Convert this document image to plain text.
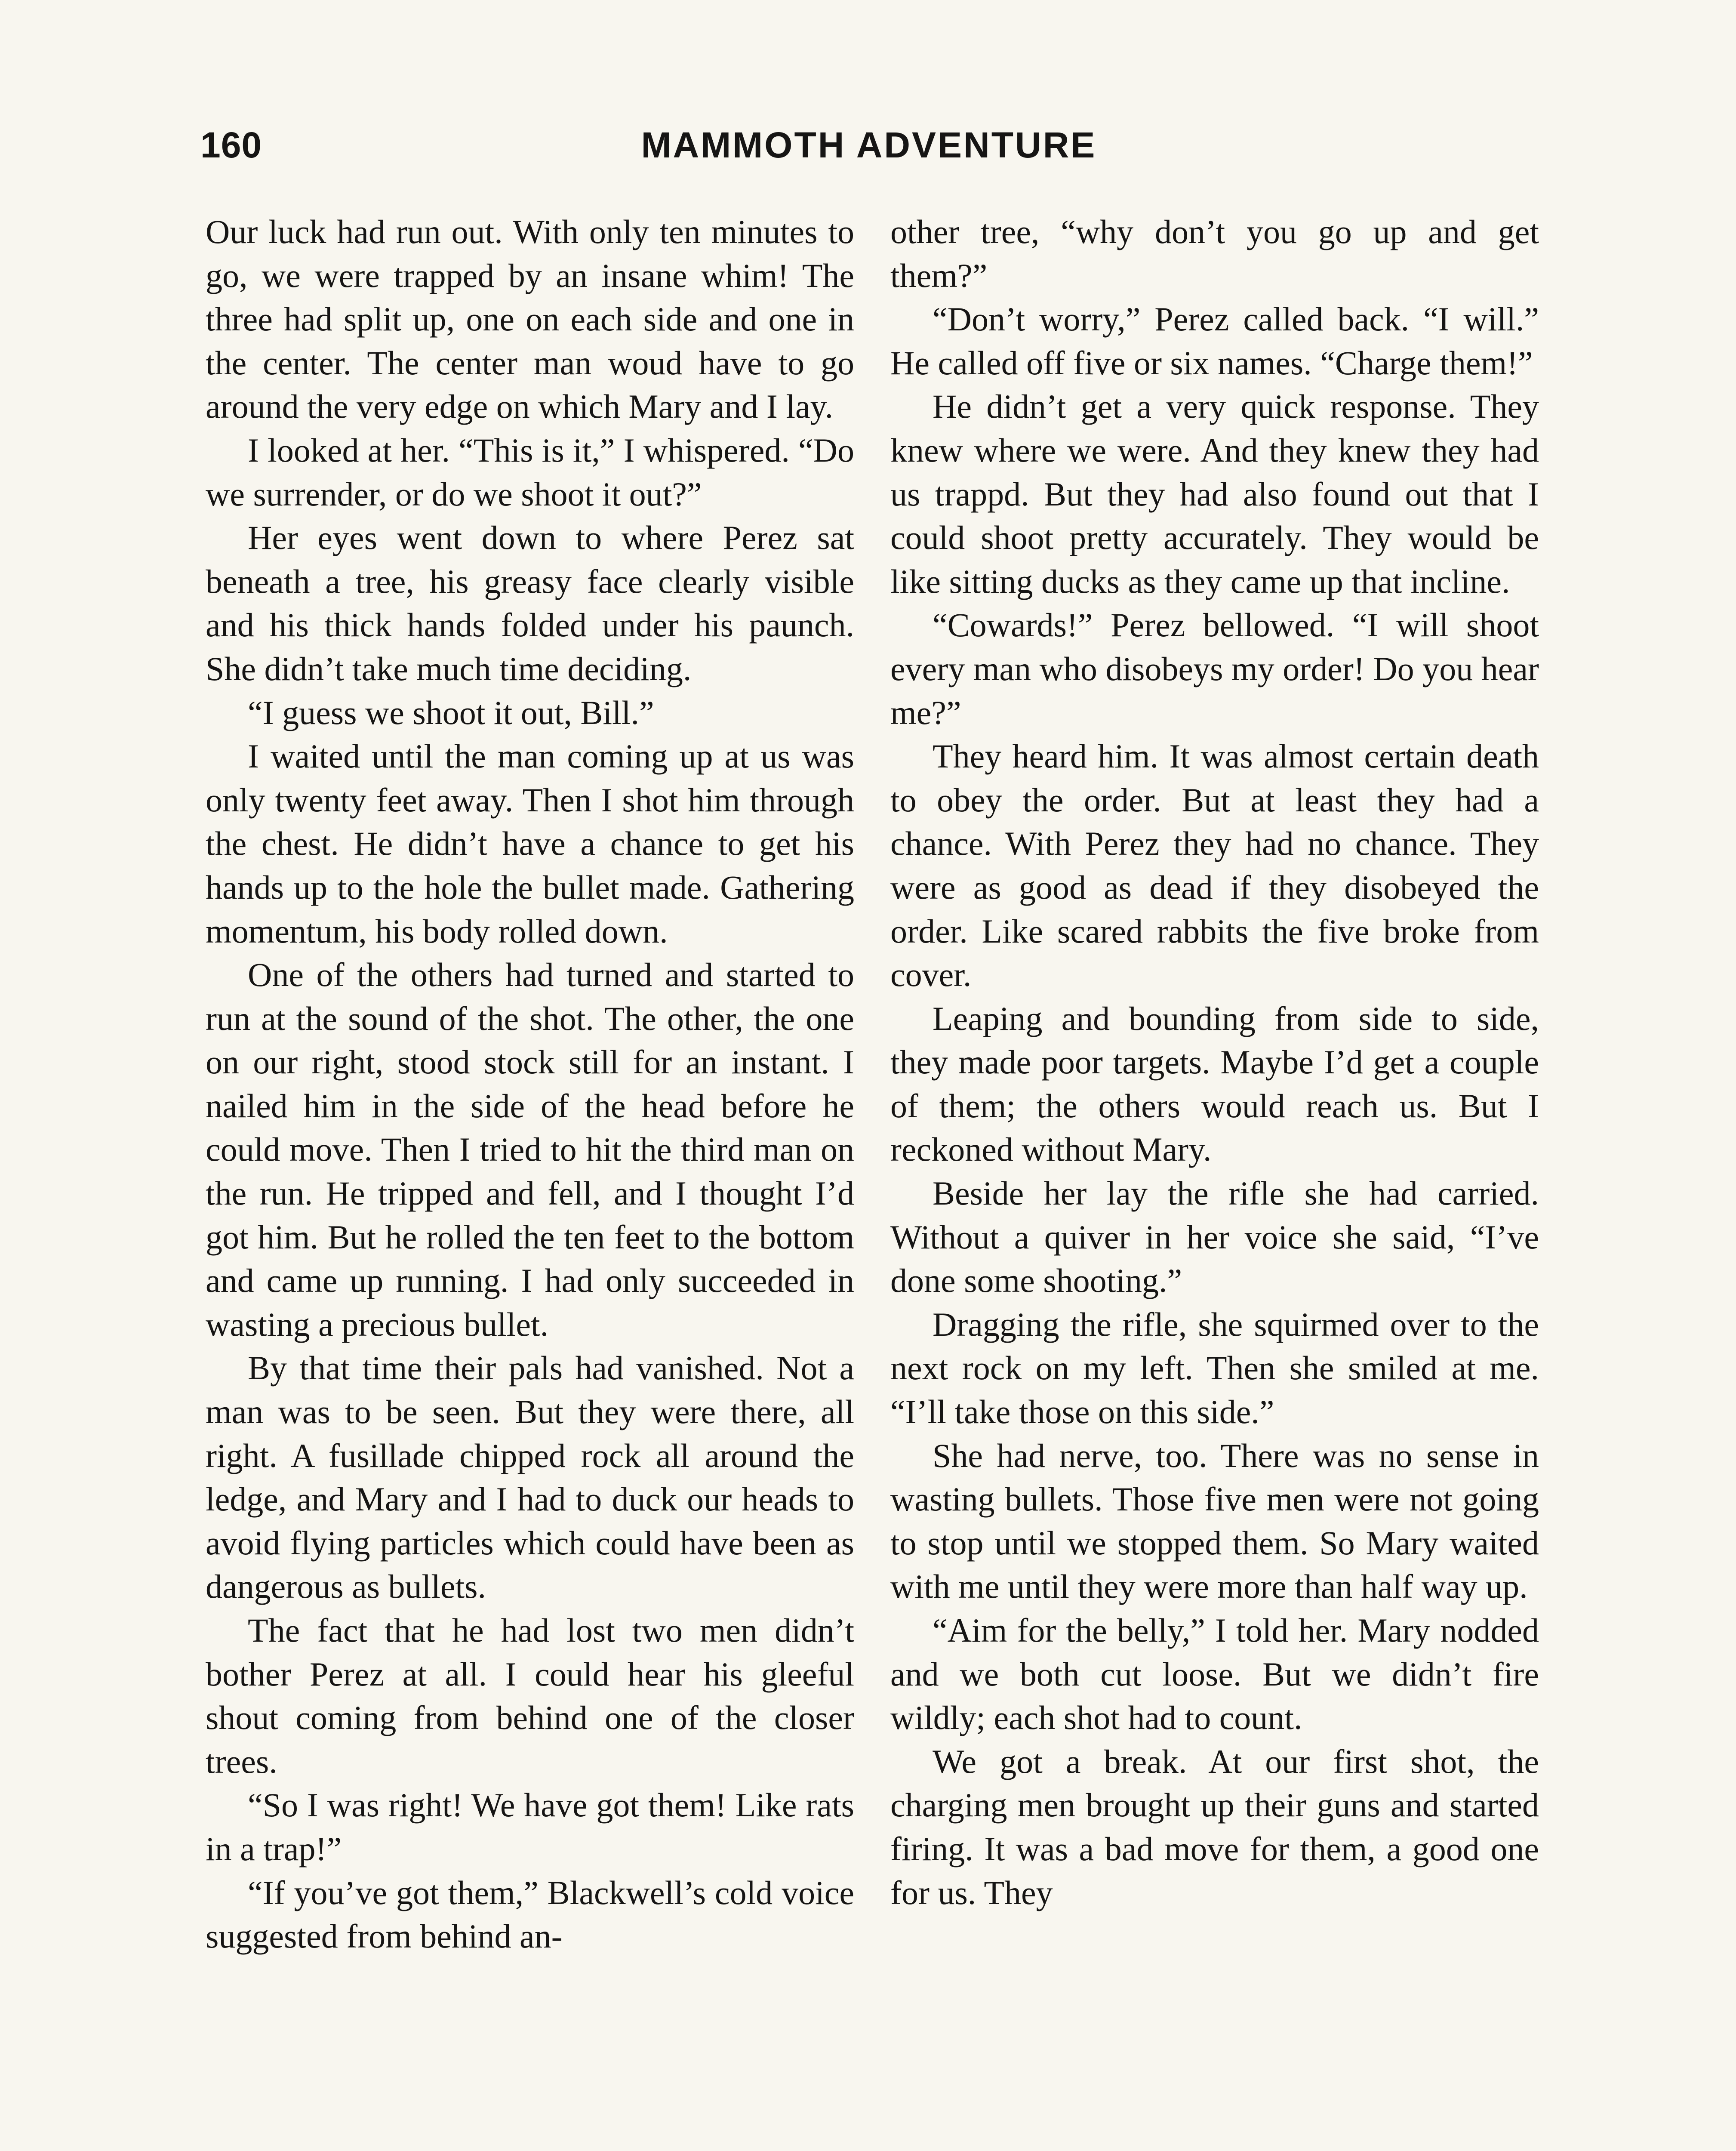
160	MAMMOTH ADVENTURE

Our luck had run out. With only ten minutes to go, we were trapped by an insane whim! The three had split up, one on each side and one in the center. The center man woud have to go around the very edge on which Mary and I lay.

I looked at her. “This is it,” I whispered. “Do we surrender, or do we shoot it out?”

Her eyes went down to where Perez sat beneath a tree, his greasy face clearly visible and his thick hands folded under his paunch. She didn’t take much time deciding.

“I guess we shoot it out, Bill.”

I waited until the man coming up at us was only twenty feet away. Then I shot him through the chest. He didn’t have a chance to get his hands up to the hole the bullet made. Gathering momentum, his body rolled down.

One of the others had turned and started to run at the sound of the shot. The other, the one on our right, stood stock still for an instant. I nailed him in the side of the head before he could move. Then I tried to hit the third man on the run. He tripped and fell, and I thought I’d got him. But he rolled the ten feet to the bottom and came up running. I had only succeeded in wasting a precious bullet.

By that time their pals had vanished. Not a man was to be seen. But they were there, all right. A fusillade chipped rock all around the ledge, and Mary and I had to duck our heads to avoid flying particles which could have been as dangerous as bullets.

The fact that he had lost two men didn’t bother Perez at all. I could hear his gleeful shout coming from behind one of the closer trees.

“So I was right! We have got them! Like rats in a trap!”

“If you’ve got them,” Blackwell’s cold voice suggested from behind an-

other tree, “why don’t you go up and get them?”

“Don’t worry,” Perez called back. “I will.” He called off five or six names. “Charge them!”

He didn’t get a very quick response. They knew where we were. And they knew they had us trappd. But they had also found out that I could shoot pretty accurately. They would be like sitting ducks as they came up that incline.

“Cowards!” Perez bellowed. “I will shoot every man who disobeys my order! Do you hear me?”

They heard him. It was almost certain death to obey the order. But at least they had a chance. With Perez they had no chance. They were as good as dead if they disobeyed the order. Like scared rabbits the five broke from cover.

Leaping and bounding from side to side, they made poor targets. Maybe I’d get a couple of them; the others would reach us. But I reckoned without Mary.

Beside her lay the rifle she had carried. Without a quiver in her voice she said, “I’ve done some shooting.”

Dragging the rifle, she squirmed over to the next rock on my left. Then she smiled at me. “I’ll take those on this side.”

She had nerve, too. There was no sense in wasting bullets. Those five men were not going to stop until we stopped them. So Mary waited with me until they were more than half way up.

“Aim for the belly,” I told her. Mary nodded and we both cut loose. But we didn’t fire wildly; each shot had to count.

We got a break. At our first shot, the charging men brought up their guns and started firing. It was a bad move for them, a good one for us. They
